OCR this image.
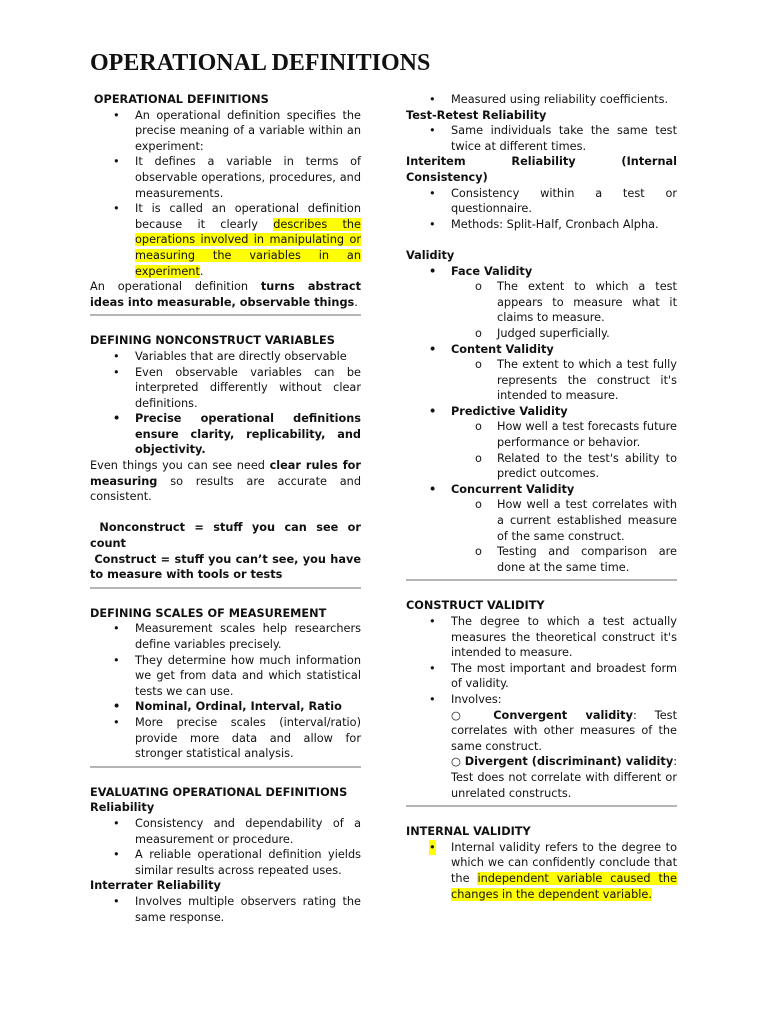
OPERATIONAL DEFINITIONS

OPERATIONAL DEFINITIONS

• An operational definition specifies the precise meaning of a variable within an experiment:
• It defines a variable in terms of observable operations, procedures, and measurements.
• It is called an operational definition because it clearly describes the operations involved in manipulating or measuring the variables in an experiment.

An operational definition turns abstract ideas into measurable, observable things.

DEFINING NONCONSTRUCT VARIABLES

• Variables that are directly observable
• Even observable variables can be interpreted differently without clear definitions.
• Precise operational definitions ensure clarity, replicability, and objectivity.

Even things you can see need clear rules for measuring so results are accurate and consistent.

Nonconstruct = stuff you can see or count

Construct = stuff you can’t see, you have to measure with tools or tests

DEFINING SCALES OF MEASUREMENT

• Measurement scales help researchers define variables precisely.
• They determine how much information we get from data and which statistical tests we can use.
• Nominal, Ordinal, Interval, Ratio
• More precise scales (interval/ratio) provide more data and allow for stronger statistical analysis.

EVALUATING OPERATIONAL DEFINITIONS

Reliability

• Consistency and dependability of a measurement or procedure.
• A reliable operational definition yields similar results across repeated uses.

Interrater Reliability

• Involves multiple observers rating the same response.
• Measured using reliability coefficients.

Test-Retest Reliability

• Same individuals take the same test twice at different times.

Interitem Reliability (Internal Consistency)

• Consistency within a test or questionnaire.
• Methods: Split-Half, Cronbach Alpha.

Validity

• Face Validity
o The extent to which a test appears to measure what it claims to measure.
o Judged superficially.
• Content Validity
o The extent to which a test fully represents the construct it's intended to measure.
• Predictive Validity
o How well a test forecasts future performance or behavior.
o Related to the test's ability to predict outcomes.
• Concurrent Validity
o How well a test correlates with a current established measure of the same construct.
o Testing and comparison are done at the same time.

CONSTRUCT VALIDITY

• The degree to which a test actually measures the theoretical construct it's intended to measure.
• The most important and broadest form of validity.
• Involves:
○ Convergent validity: Test correlates with other measures of the same construct.
○ Divergent (discriminant) validity: Test does not correlate with different or unrelated constructs.

INTERNAL VALIDITY

• Internal validity refers to the degree to which we can confidently conclude that the independent variable caused the changes in the dependent variable.
